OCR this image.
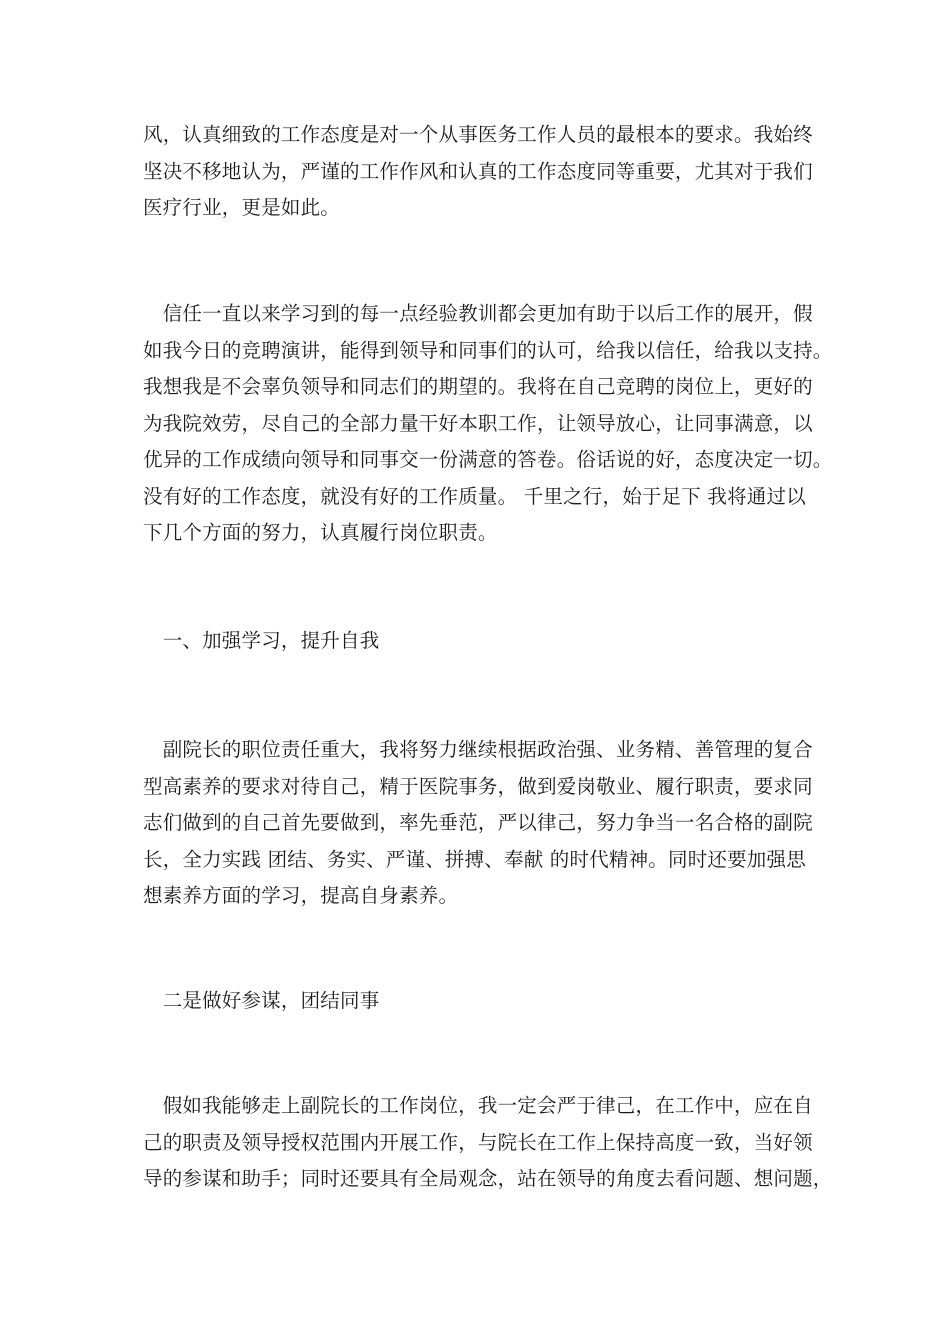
风，认真细致的工作态度是对一个从事医务工作人员的最根本的要求。我始终
坚决不移地认为，严谨的工作作风和认真的工作态度同等重要，尤其对于我们
医疗行业，更是如此。
　信任一直以来学习到的每一点经验教训都会更加有助于以后工作的展开，假
如我今日的竞聘演讲，能得到领导和同事们的认可，给我以信任，给我以支持。
我想我是不会辜负领导和同志们的期望的。我将在自己竞聘的岗位上，更好的
为我院效劳，尽自己的全部力量干好本职工作，让领导放心，让同事满意，以
优异的工作成绩向领导和同事交一份满意的答卷。俗话说的好，态度决定一切。
没有好的工作态度，就没有好的工作质量。 千里之行，始于足下 我将通过以
下几个方面的努力，认真履行岗位职责。
　一、加强学习，提升自我
　副院长的职位责任重大，我将努力继续根据政治强、业务精、善管理的复合
型高素养的要求对待自己，精于医院事务，做到爱岗敬业、履行职责，要求同
志们做到的自己首先要做到，率先垂范，严以律己，努力争当一名合格的副院
长，全力实践 团结、务实、严谨、拼搏、奉献 的时代精神。同时还要加强思
想素养方面的学习，提高自身素养。
　二是做好参谋，团结同事
　假如我能够走上副院长的工作岗位，我一定会严于律己，在工作中，应在自
己的职责及领导授权范围内开展工作，与院长在工作上保持高度一致，当好领
导的参谋和助手；同时还要具有全局观念，站在领导的角度去看问题、想问题，
